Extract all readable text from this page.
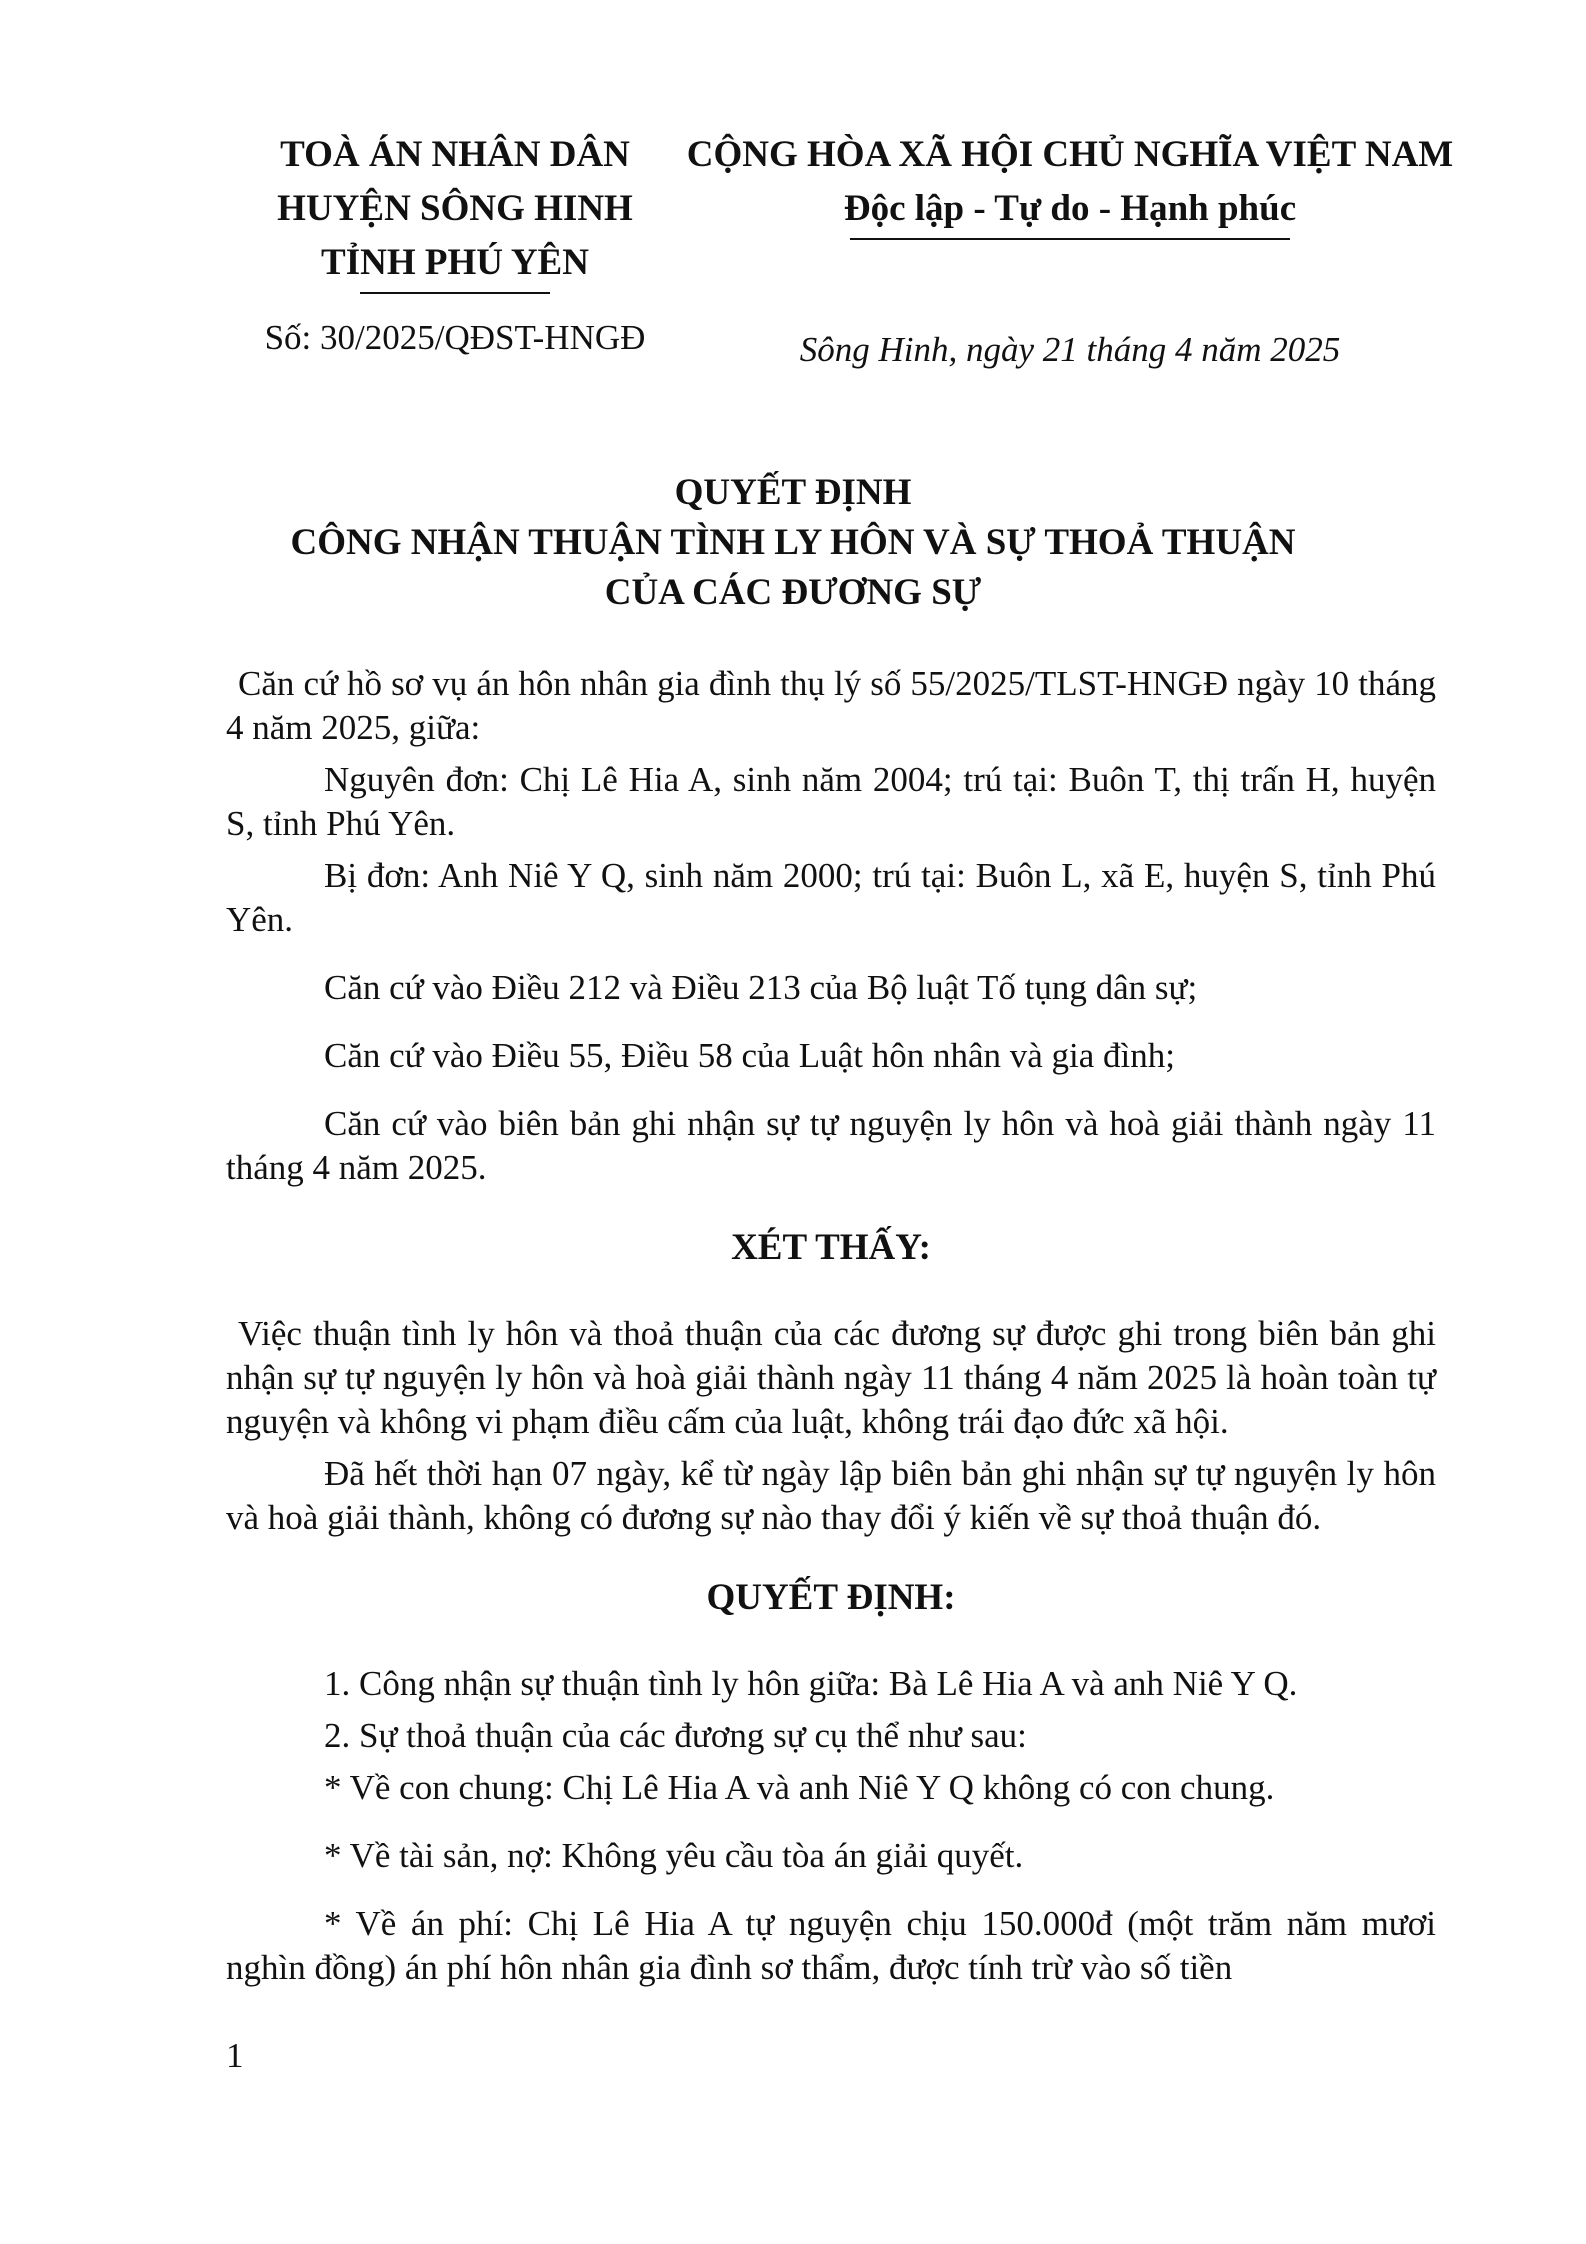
TOÀ ÁN NHÂN DÂN
HUYỆN SÔNG HINH
TỈNH PHÚ YÊN
CỘNG HÒA XÃ HỘI CHỦ NGHĨA VIỆT NAM
Độc lập - Tự do - Hạnh phúc
Số: 30/2025/QĐST-HNGĐ	Sông Hinh, ngày 21 tháng 4 năm 2025
QUYẾT ĐỊNH
CÔNG NHẬN THUẬN TÌNH LY HÔN VÀ SỰ THOẢ THUẬN
CỦA CÁC ĐƯƠNG SỰ

Căn cứ hồ sơ vụ án hôn nhân gia đình thụ lý số 55/2025/TLST-HNGĐ ngày 10 tháng 4 năm 2025, giữa:

Nguyên đơn: Chị Lê Hia A, sinh năm 2004; trú tại: Buôn T, thị trấn H, huyện S, tỉnh Phú Yên.

Bị đơn: Anh Niê Y Q, sinh năm 2000; trú tại: Buôn L, xã E, huyện S, tỉnh Phú Yên.

Căn cứ vào Điều 212 và Điều 213 của Bộ luật Tố tụng dân sự;

Căn cứ vào Điều 55, Điều 58 của Luật hôn nhân và gia đình;

Căn cứ vào biên bản ghi nhận sự tự nguyện ly hôn và hoà giải thành ngày 11 tháng 4 năm 2025.

XÉT THẤY:

Việc thuận tình ly hôn và thoả thuận của các đương sự được ghi trong biên bản ghi nhận sự tự nguyện ly hôn và hoà giải thành ngày 11 tháng 4 năm 2025 là hoàn toàn tự nguyện và không vi phạm điều cấm của luật, không trái đạo đức xã hội.

Đã hết thời hạn 07 ngày, kể từ ngày lập biên bản ghi nhận sự tự nguyện ly hôn và hoà giải thành, không có đương sự nào thay đổi ý kiến về sự thoả thuận đó.

QUYẾT ĐỊNH:

1. Công nhận sự thuận tình ly hôn giữa: Bà Lê Hia A và anh Niê Y Q.

2. Sự thoả thuận của các đương sự cụ thể như sau:

* Về con chung: Chị Lê Hia A và anh Niê Y Q không có con chung.

* Về tài sản, nợ: Không yêu cầu tòa án giải quyết.

* Về án phí: Chị Lê Hia A tự nguyện chịu 150.000đ (một trăm năm mươi nghìn đồng) án phí hôn nhân gia đình sơ thẩm, được tính trừ vào số tiền

1
